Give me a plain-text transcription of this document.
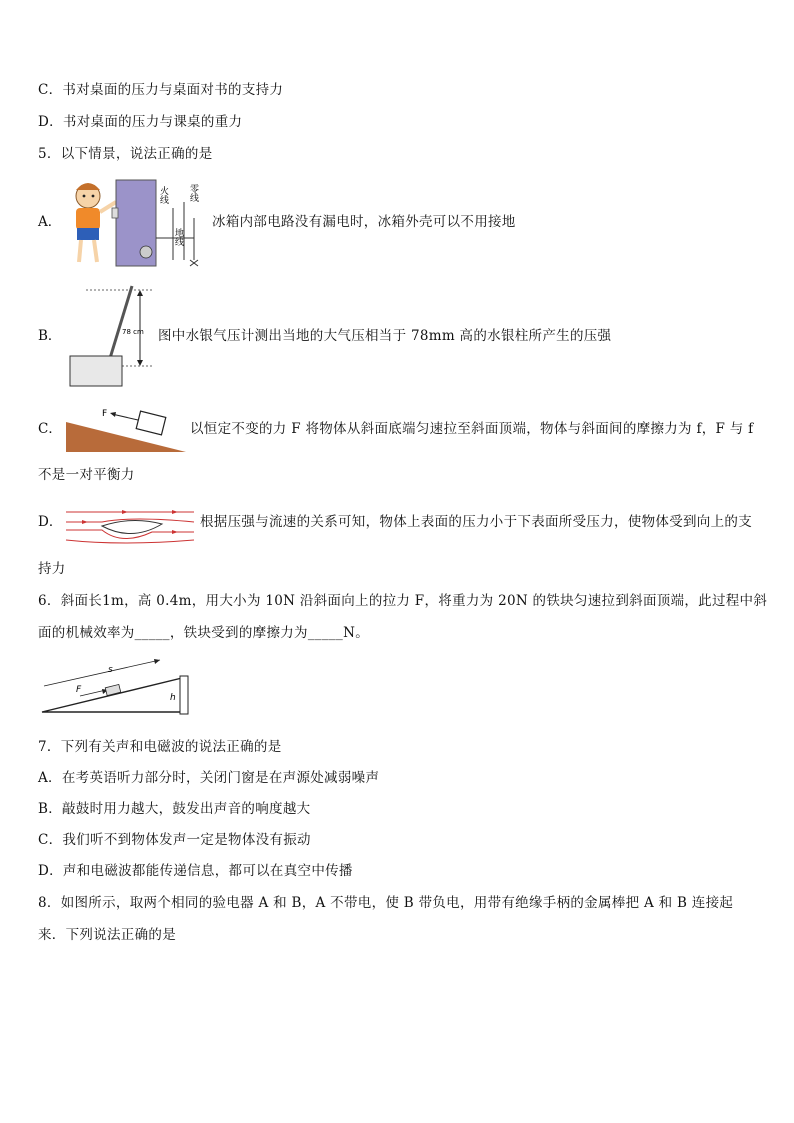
C．书对桌面的压力与桌面对书的支持力
D．书对桌面的压力与课桌的重力
5．以下情景，说法正确的是
A．
火线 零线
地线
冰箱内部电路没有漏电时，冰箱外壳可以不用接地
B．	78 cm 图中水银气压计测出当地的大气压相当于 78mm 高的水银柱所产生的压强
C．
F
以恒定不变的力 F 将物体从斜面底端匀速拉至斜面顶端，物体与斜面间的摩擦力为 f，F 与 f
不是一对平衡力
D．	根据压强与流速的关系可知，物体上表面的压力小于下表面所受压力，使物体受到向上的支
持力
6．斜面长1m，高 0.4m，用大小为 10N 沿斜面向上的拉力 F，将重力为 20N 的铁块匀速拉到斜面顶端，此过程中斜
面的机械效率为_____，铁块受到的摩擦力为_____N。
s
F
h
7．下列有关声和电磁波的说法正确的是
A．在考英语听力部分时，关闭门窗是在声源处减弱噪声
B．敲鼓时用力越大，鼓发出声音的响度越大
C．我们听不到物体发声一定是物体没有振动
D．声和电磁波都能传递信息，都可以在真空中传播
8．如图所示，取两个相同的验电器 A 和 B，A 不带电，使 B 带负电，用带有绝缘手柄的金属棒把 A 和 B 连接起
来．下列说法正确的是
